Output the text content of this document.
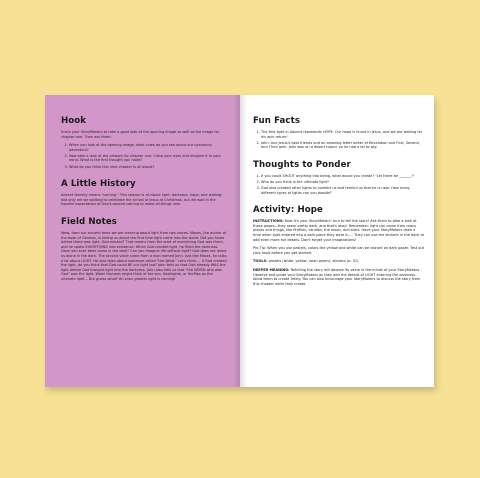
Hook

Invite your StoryMakers to take a good look at the opening image as well as the image for chapter one. Then ask them:

1. When you look at the opening image, what clues do you see about our upcoming adventure?
2. Now take a look at the artwork for chapter one: Close your eyes and imagine it in your mind. What is the first thought you have?
3. What do you think this next chapter is all about?
A Little History

Advent literally means "coming." This season is all about light, darkness, hope, and waiting. Not only are we waiting to celebrate the arrival of Jesus at Christmas, but we wait in the hopeful expectation of God's second coming to make all things new.

Field Notes

Wow, from our ancient texts we are learning about light from two voices. Moses, the author of the book of Genesis, is telling us about the first time light came into the world. Did you know before there was light, God existed? That means from the start of everything God was there, and he spoke EVERYTHING into existence. When God created light, he filled the darkness. Have you ever been alone in the dark? Can you imagine life without light? God does not leave us alone in the dark. The second voice came from a man named John. Just like Moses, he talks a lot about LIGHT. He also talks about someone called "the Word." Let's think.... If God created the light, do you think that God could BE our light too? John tells us that God already WAS the light before God brought light into the darkness. John also tells us that "the WORD who was God" was the light. Wow! Humans might think of the sun, flashlights, or fireflies as the ultimate light... But guess what? An even greater light is coming!

Fun Facts
1. The first light in Advent represents HOPE. Our hope is found in Jesus, and we are waiting for his epic return!
2. John: one Jesus's best friends and an amazing letter writer of Revelation and First, Second, and Third John. John was on a desert island, so he had a lot to say.
Thoughts to Ponder
1. If you could SHOUT anything into being, what would you create? "Let there be _______!"
2. Who do you think is the ultimate light?
3. God also created other lights to comfort us and remind us that he is near. How many different types of lights can you doodle?
Activity: Hope

INSTRUCTIONS: Now it's your StoryMakers' turn to tell the story! Ask them to take a look at these pages—they seem pretty dark, and that's okay! Remember: light can come from many places and things, like fireflies, candles, the moon, and stars. Have your StoryMakers draw a time when light entered into a dark place they were in.... They can use the stickers in the back to add even more fun details. Don't forget your imaginations!

Pro Tip: When you use pastels, colors like yellow and white can be vibrant on dark paper. Test out your tools before you get started.

TOOLS: pastels (white, yellow, neon green), stickers (p. 51)

DEEPER MEANING: Retelling the story will deepen its value in the minds of your StoryMakers. Observe and guide your StoryMakers as they add the details of LIGHT entering the darkness. Allow them to create freely. You can also encourage your StoryMakers to discuss the story from this chapter while they create.
